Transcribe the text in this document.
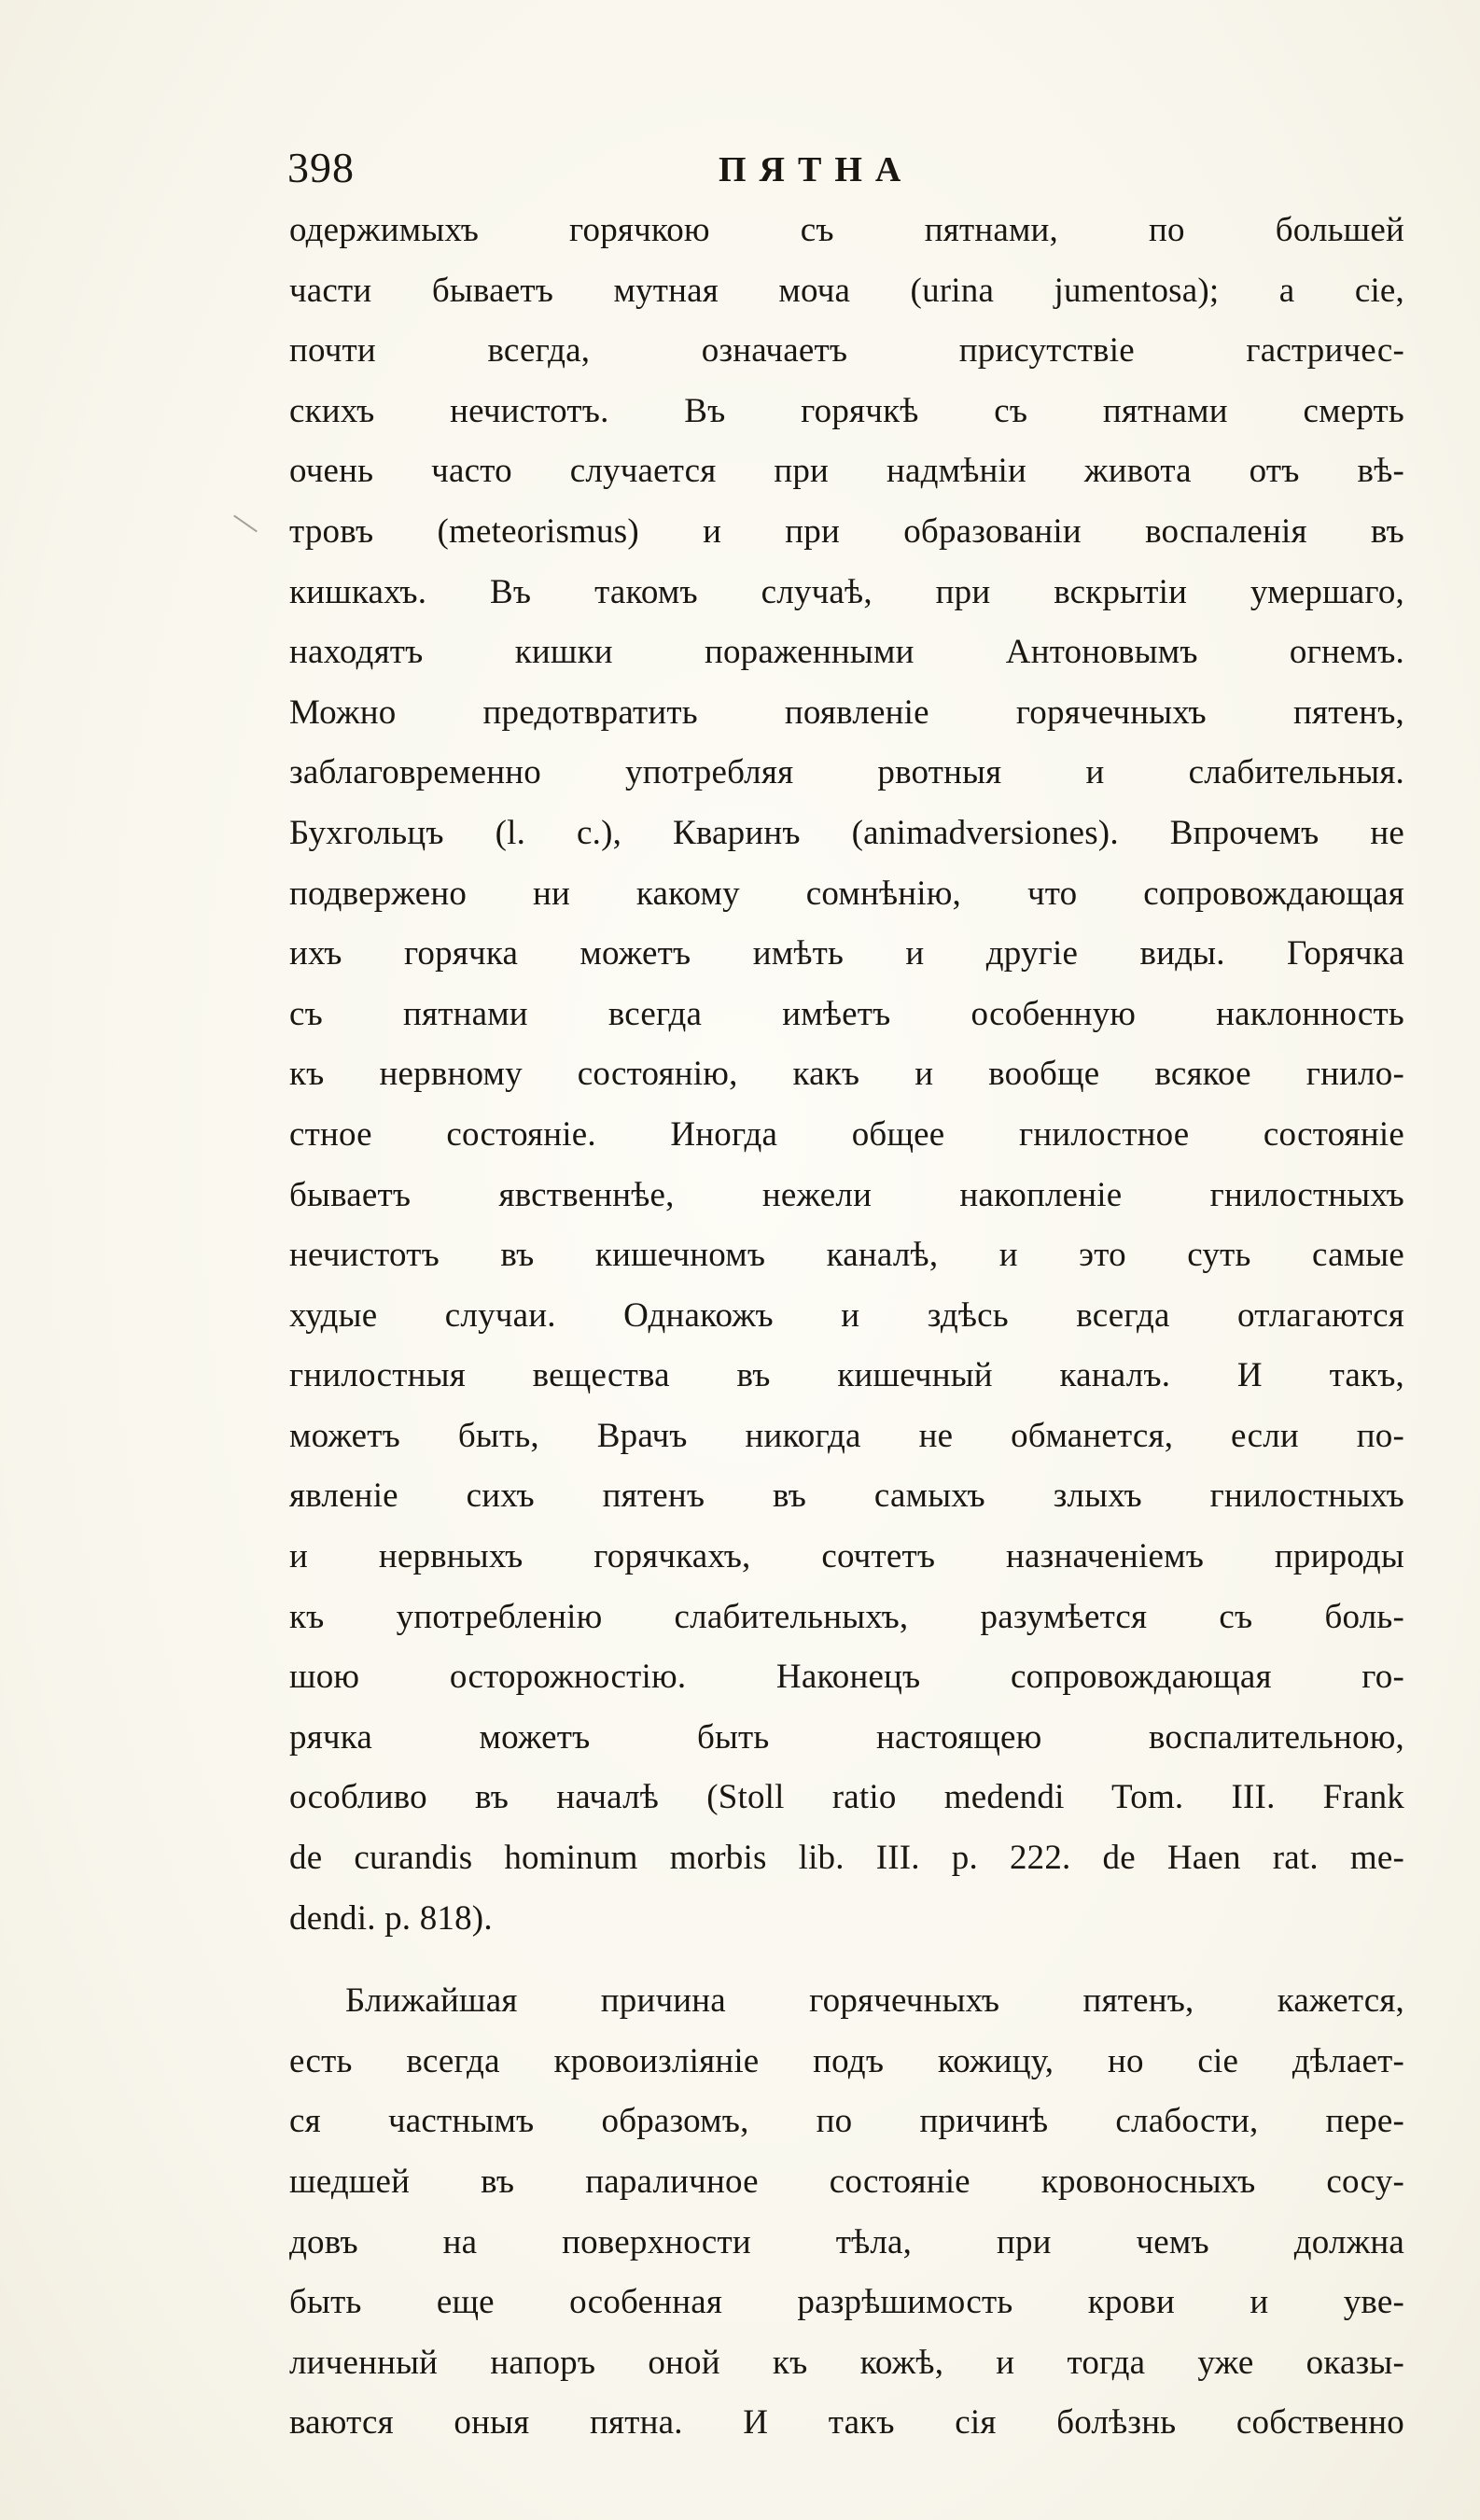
398	ПЯТНА
одержимыхъ горячкою съ пятнами, по большей
части бываетъ мутная моча (urina jumentosa); а сіе,
почти всегда, означаетъ присутствіе гастричес-
скихъ нечистотъ. Въ горячкѣ съ пятнами смерть
очень часто случается при надмѣніи живота отъ вѣ-
тровъ (meteorismus) и при образованіи воспаленія въ
кишкахъ. Въ такомъ случаѣ, при вскрытіи умершаго,
находятъ кишки пораженными Антоновымъ огнемъ.
Можно предотвратить появленіе горячечныхъ пятенъ,
заблаговременно употребляя рвотныя и слабительныя.
Бухгольцъ (l. c.), Кваринъ (animadversiones). Впрочемъ не
подвержено ни какому сомнѣнію, что сопровождающая
ихъ горячка можетъ имѣть и другіе виды. Горячка
съ пятнами всегда имѣетъ особенную наклонность
къ нервному состоянію, какъ и вообще всякое гнило-
стное состояніе. Иногда общее гнилостное состояніе
бываетъ явственнѣе, нежели накопленіе гнилостныхъ
нечистотъ въ кишечномъ каналѣ, и это суть самые
худые случаи. Однакожъ и здѣсь всегда отлагаются
гнилостныя вещества въ кишечный каналъ. И такъ,
можетъ быть, Врачъ никогда не обманется, если по-
явленіе сихъ пятенъ въ самыхъ злыхъ гнилостныхъ
и нервныхъ горячкахъ, сочтетъ назначеніемъ природы
къ употребленію слабительныхъ, разумѣется съ боль-
шою осторожностію. Наконецъ сопровождающая го-
рячка можетъ быть настоящею воспалительною,
особливо въ началѣ (Stoll ratio medendi Tom. III. Frank
de curandis hominum morbis lib. III. p. 222. de Haen rat. me-
dendi. p. 818).
Ближайшая причина горячечныхъ пятенъ, кажется,
есть всегда кровоизліяніе подъ кожицу, но сіе дѣлает-
ся частнымъ образомъ, по причинѣ слабости, пере-
шедшей въ параличное состояніе кровоносныхъ сосу-
довъ на поверхности тѣла, при чемъ должна
быть еще особенная разрѣшимость крови и уве-
личенный напоръ оной къ кожѣ, и тогда уже оказы-
ваются оныя пятна. И такъ сія болѣзнь собственно
